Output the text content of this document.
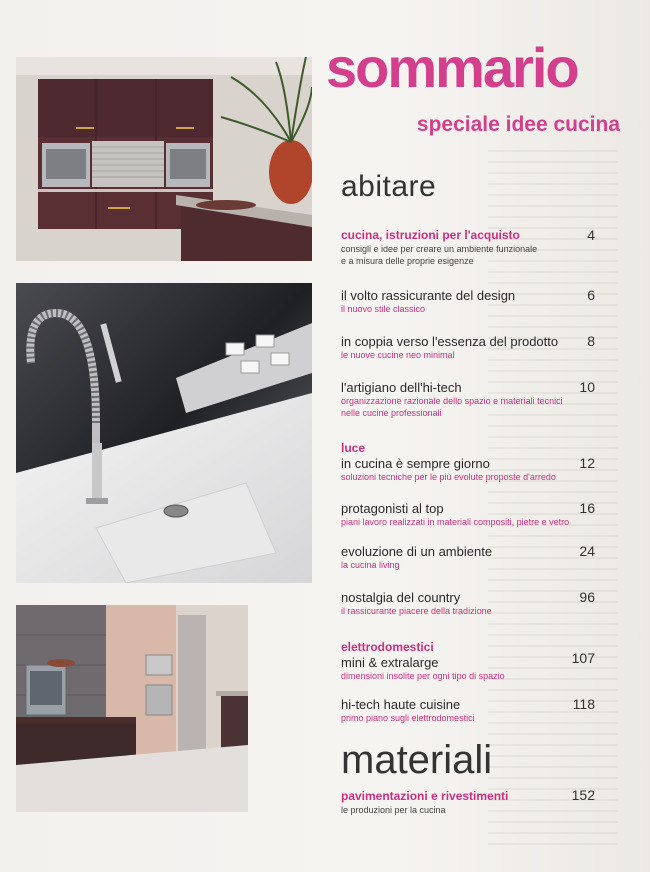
sommario
speciale idee cucina
abitare
cucina, istruzioni per l'acquisto
consigli e idee per creare un ambiente funzionale
e a misura delle proprie esigenze
4
il volto rassicurante del design
il nuovo stile classico
6
in coppia verso l'essenza del prodotto
le nuove cucine neo minimal
8
l'artigiano dell'hi-tech
organizzazione razionale dello spazio e materiali tecnici
nelle cucine professionali
10
luce
in cucina è sempre giorno
soluzioni tecniche per le più evolute proposte d'arredo
12
protagonisti al top
piani lavoro realizzati in materiali compositi, pietre e vetro
16
evoluzione di un ambiente
la cucina living
24
nostalgia del country
il rassicurante piacere della tradizione
96
elettrodomestici
mini & extralarge
dimensioni insolite per ogni tipo di spazio
107
hi-tech haute cuisine
primo piano sugli elettrodomestici
118
materiali
pavimentazioni e rivestimenti
le produzioni per la cucina
152
